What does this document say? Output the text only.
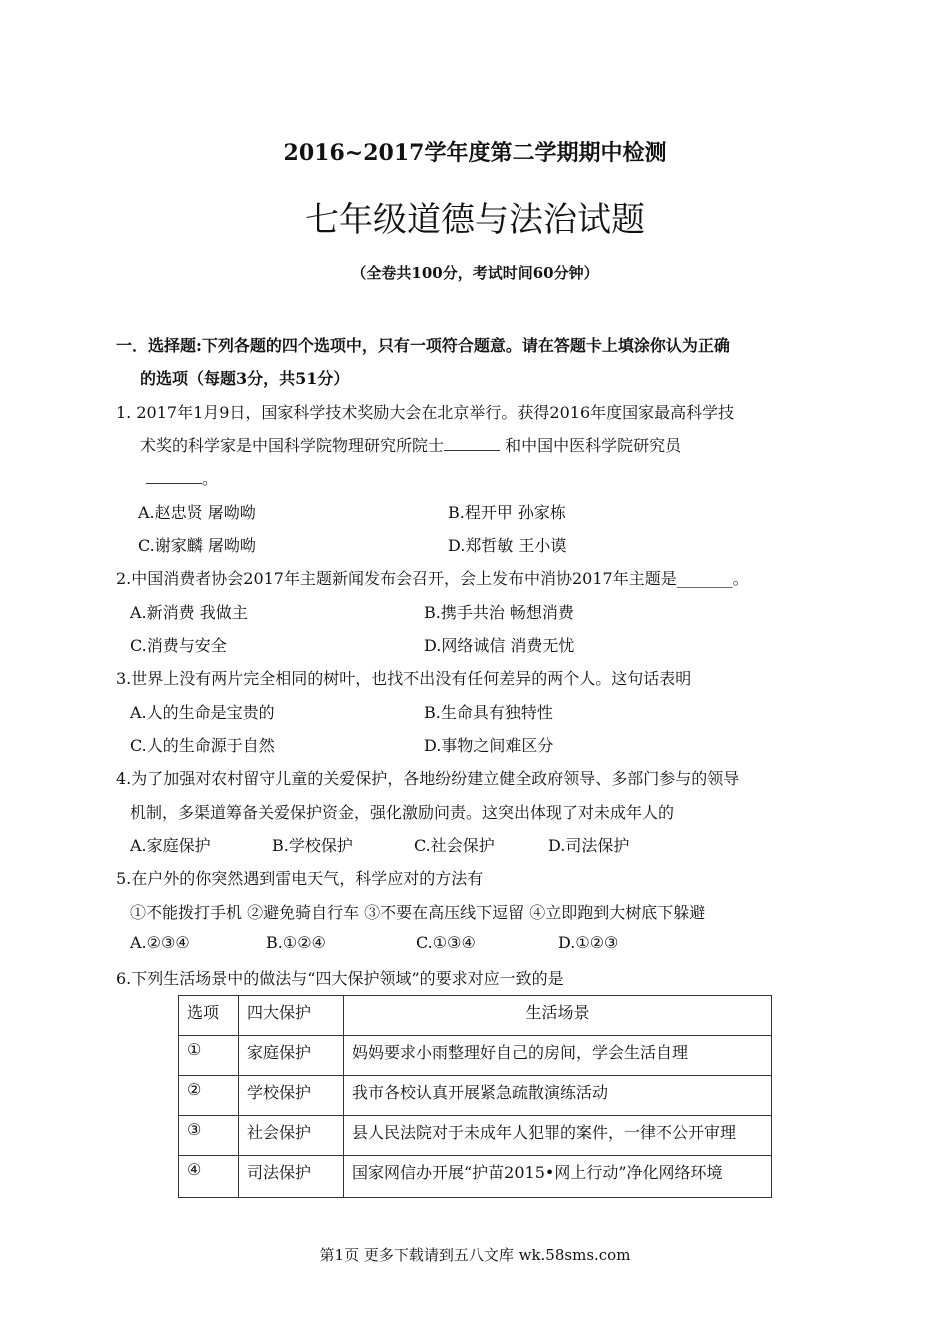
2016~2017学年度第二学期期中检测
七年级道德与法治试题
（全卷共100分，考试时间60分钟）
一．选择题:下列各题的四个选项中，只有一项符合题意。请在答题卡上填涂你认为正确
的选项（每题3分，共51分）
1. 2017年1月9日，国家科学技术奖励大会在北京举行。获得2016年度国家最高科学技
术奖的科学家是中国科学院物理研究所院士	和中国中医科学院研究员
。
A.赵忠贤 屠呦呦	B.程开甲 孙家栋
C.谢家麟 屠呦呦	D.郑哲敏 王小谟
2.中国消费者协会2017年主题新闻发布会召开，会上发布中消协2017年主题是_______。
A.新消费 我做主	B.携手共治 畅想消费
C.消费与安全	D.网络诚信 消费无忧
3.世界上没有两片完全相同的树叶，也找不出没有任何差异的两个人。这句话表明
A.人的生命是宝贵的	B.生命具有独特性
C.人的生命源于自然	D.事物之间难区分
4.为了加强对农村留守儿童的关爱保护，各地纷纷建立健全政府领导、多部门参与的领导
机制，多渠道筹备关爱保护资金，强化激励问责。这突出体现了对未成年人的
A.家庭保护	B.学校保护	C.社会保护	D.司法保护
5.在户外的你突然遇到雷电天气，科学应对的方法有
①不能拨打手机 ②避免骑自行车 ③不要在高压线下逗留 ④立即跑到大树底下躲避
A.②③④	B.①②④	C.①③④	D.①②③
6.下列生活场景中的做法与“四大保护领域”的要求对应一致的是
选项	四大保护	生活场景
①	家庭保护	妈妈要求小雨整理好自己的房间，学会生活自理
②	学校保护	我市各校认真开展紧急疏散演练活动
③	社会保护	县人民法院对于未成年人犯罪的案件，一律不公开审理
④	司法保护	国家网信办开展“护苗2015•网上行动”净化网络环境
第1页 更多下载请到五八文库 wk.58sms.com
